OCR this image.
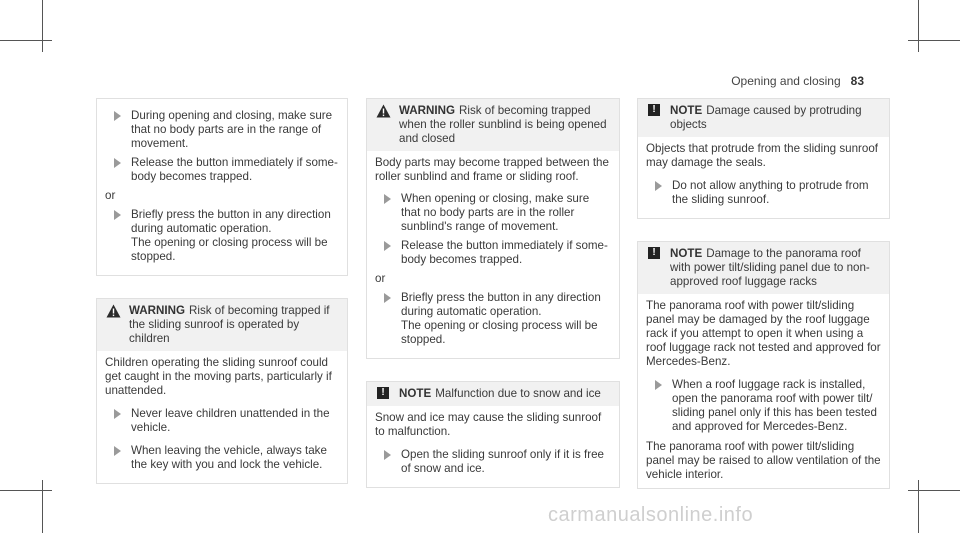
Opening and closing 83
During opening and closing, make sure that no body parts are in the range of movement.
Release the button immediately if some- body becomes trapped.

or

Briefly press the button in any direction during automatic operation.
The opening or closing process will be stopped.
WARNING Risk of becoming trapped if the sliding sunroof is operated by children

Children operating the sliding sunroof could get caught in the moving parts, particularly if unattended.

Never leave children unattended in the vehicle.
When leaving the vehicle, always take the key with you and lock the vehicle.
WARNING Risk of becoming trapped when the roller sunblind is being opened and closed

Body parts may become trapped between the roller sunblind and frame or sliding roof.

When opening or closing, make sure that no body parts are in the roller sunblind's range of movement.
Release the button immediately if some- body becomes trapped.

or

Briefly press the button in any direction during automatic operation.
The opening or closing process will be stopped.
!	NOTE Malfunction due to snow and ice

Snow and ice may cause the sliding sunroof to malfunction.

Open the sliding sunroof only if it is free of snow and ice.
!	NOTE Damage caused by protruding objects

Objects that protrude from the sliding sunroof may damage the seals.

Do not allow anything to protrude from the sliding sunroof.
!	NOTE Damage to the panorama roof with power tilt/sliding panel due to non- approved roof luggage racks

The panorama roof with power tilt/sliding panel may be damaged by the roof luggage rack if you attempt to open it when using a roof luggage rack not tested and approved for Mercedes-Benz.

When a roof luggage rack is installed, open the panorama roof with power tilt/ sliding panel only if this has been tested and approved for Mercedes-Benz.

The panorama roof with power tilt/sliding panel may be raised to allow ventilation of the vehicle interior.

carmanualsonline.info
